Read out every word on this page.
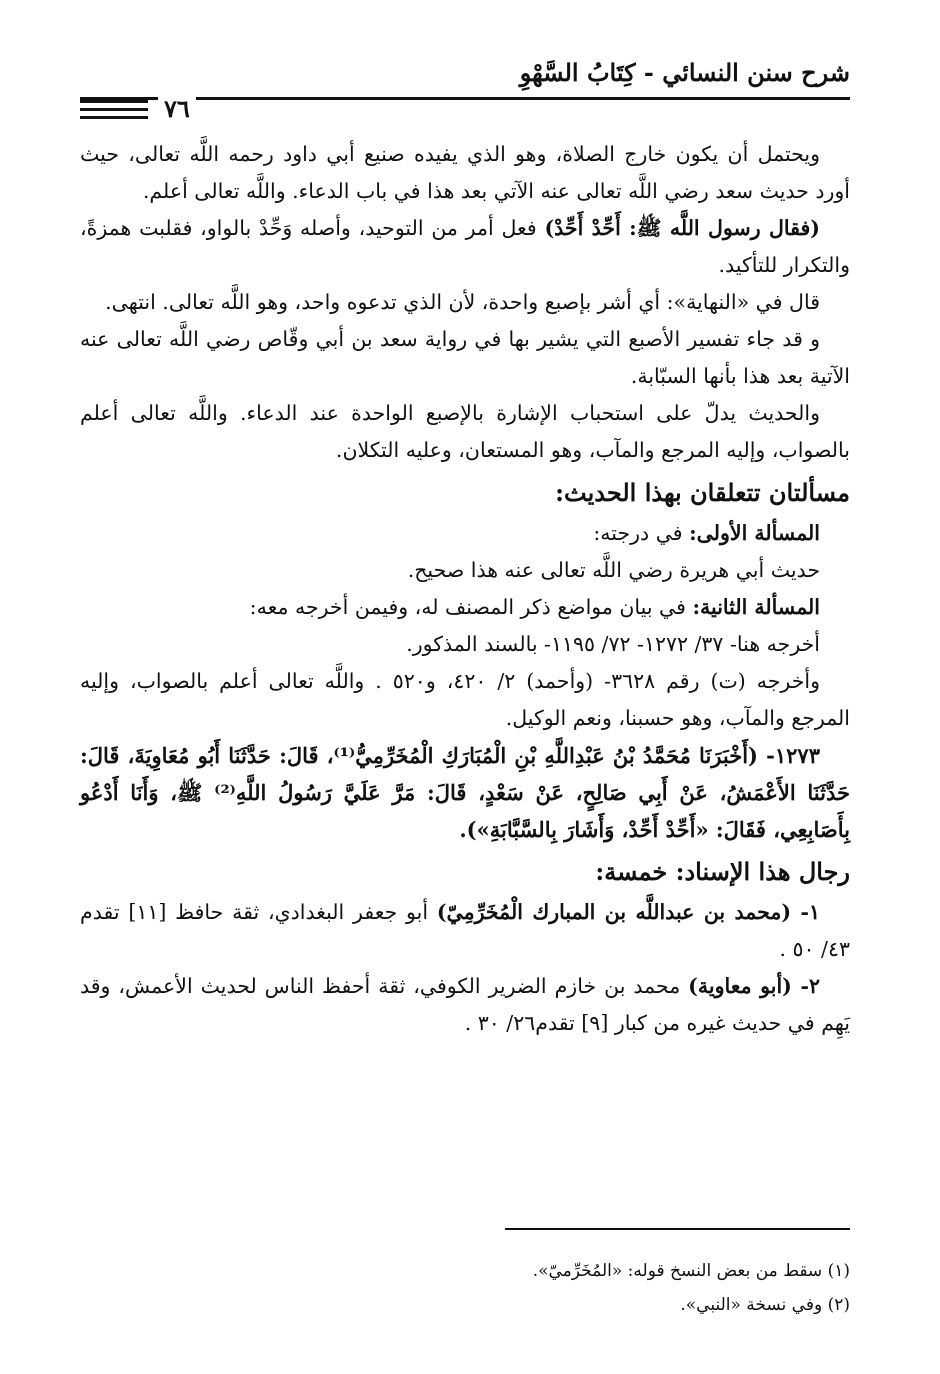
شرح سنن النسائي - كِتَابُ السَّهْوِ
٧٦

ويحتمل أن يكون خارج الصلاة، وهو الذي يفيده صنيع أبي داود رحمه اللَّه تعالى، حيث أورد حديث سعد رضي اللَّه تعالى عنه الآتي بعد هذا في باب الدعاء. واللَّه تعالى أعلم.

(فقال رسول اللَّه ﷺ: أَحِّدْ أَحِّدْ) فعل أمر من التوحيد، وأصله وَحِّدْ بالواو، فقلبت همزةً، والتكرار للتأكيد.

قال في «النهاية»: أي أشر بإصبع واحدة، لأن الذي تدعوه واحد، وهو اللَّه تعالى. انتهى.

و قد جاء تفسير الأصبع التي يشير بها في رواية سعد بن أبي وقّاص رضي اللَّه تعالى عنه الآتية بعد هذا بأنها السبّابة.

والحديث يدلّ على استحباب الإشارة بالإصبع الواحدة عند الدعاء. واللَّه تعالى أعلم بالصواب، وإليه المرجع والمآب، وهو المستعان، وعليه التكلان.

مسألتان تتعلقان بهذا الحديث:

المسألة الأولى: في درجته:

حديث أبي هريرة رضي اللَّه تعالى عنه هذا صحيح.

المسألة الثانية: في بيان مواضع ذكر المصنف له، وفيمن أخرجه معه:

أخرجه هنا- ٣٧/ ١٢٧٢- ٧٢/ ١١٩٥- بالسند المذكور.

وأخرجه (ت) رقم ٣٦٢٨- (وأحمد) ٢/ ٤٢٠، و٥٢٠ . واللَّه تعالى أعلم بالصواب، وإليه المرجع والمآب، وهو حسبنا، ونعم الوكيل.

١٢٧٣- (أَخْبَرَنَا مُحَمَّدُ بْنُ عَبْدِاللَّهِ بْنِ الْمُبَارَكِ الْمُخَرِّمِيُّ⁽¹⁾، قَالَ: حَدَّثَنَا أَبُو مُعَاوِيَةَ، قَالَ: حَدَّثَنَا الأَعْمَشُ، عَنْ أَبِي صَالِحٍ، عَنْ سَعْدٍ، قَالَ: مَرَّ عَلَيَّ رَسُولُ اللَّهِ⁽²⁾ ﷺ، وَأَنَا أَدْعُو بِأَصَابِعِي، فَقَالَ: «أَحِّدْ أَحِّدْ، وَأَشَارَ بِالسَّبَّابَةِ»).

رجال هذا الإسناد: خمسة:

١- (محمد بن عبداللَّه بن المبارك الْمُخَرِّمِيّ) أبو جعفر البغدادي، ثقة حافظ [١١] تقدم ٤٣/ ٥٠ .

٢- (أبو معاوية) محمد بن خازم الضرير الكوفي، ثقة أحفظ الناس لحديث الأعمش، وقد يَهِم في حديث غيره من كبار [٩] تقدم٢٦/ ٣٠ .

(١) سقط من بعض النسخ قوله: «المُخَرِّميّ».
(٢) وفي نسخة «النبي».
